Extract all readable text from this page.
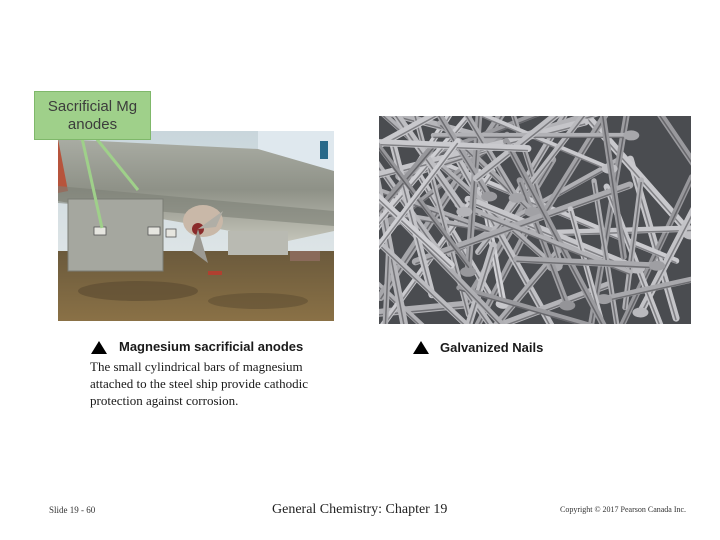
Sacrificial Mg
anodes
Magnesium sacrificial anodes
The small cylindrical bars of magnesium attached to the steel ship provide cathodic protection against corrosion.
Galvanized Nails
Slide 19 - 60	General Chemistry: Chapter 19	Copyright © 2017 Pearson Canada Inc.
